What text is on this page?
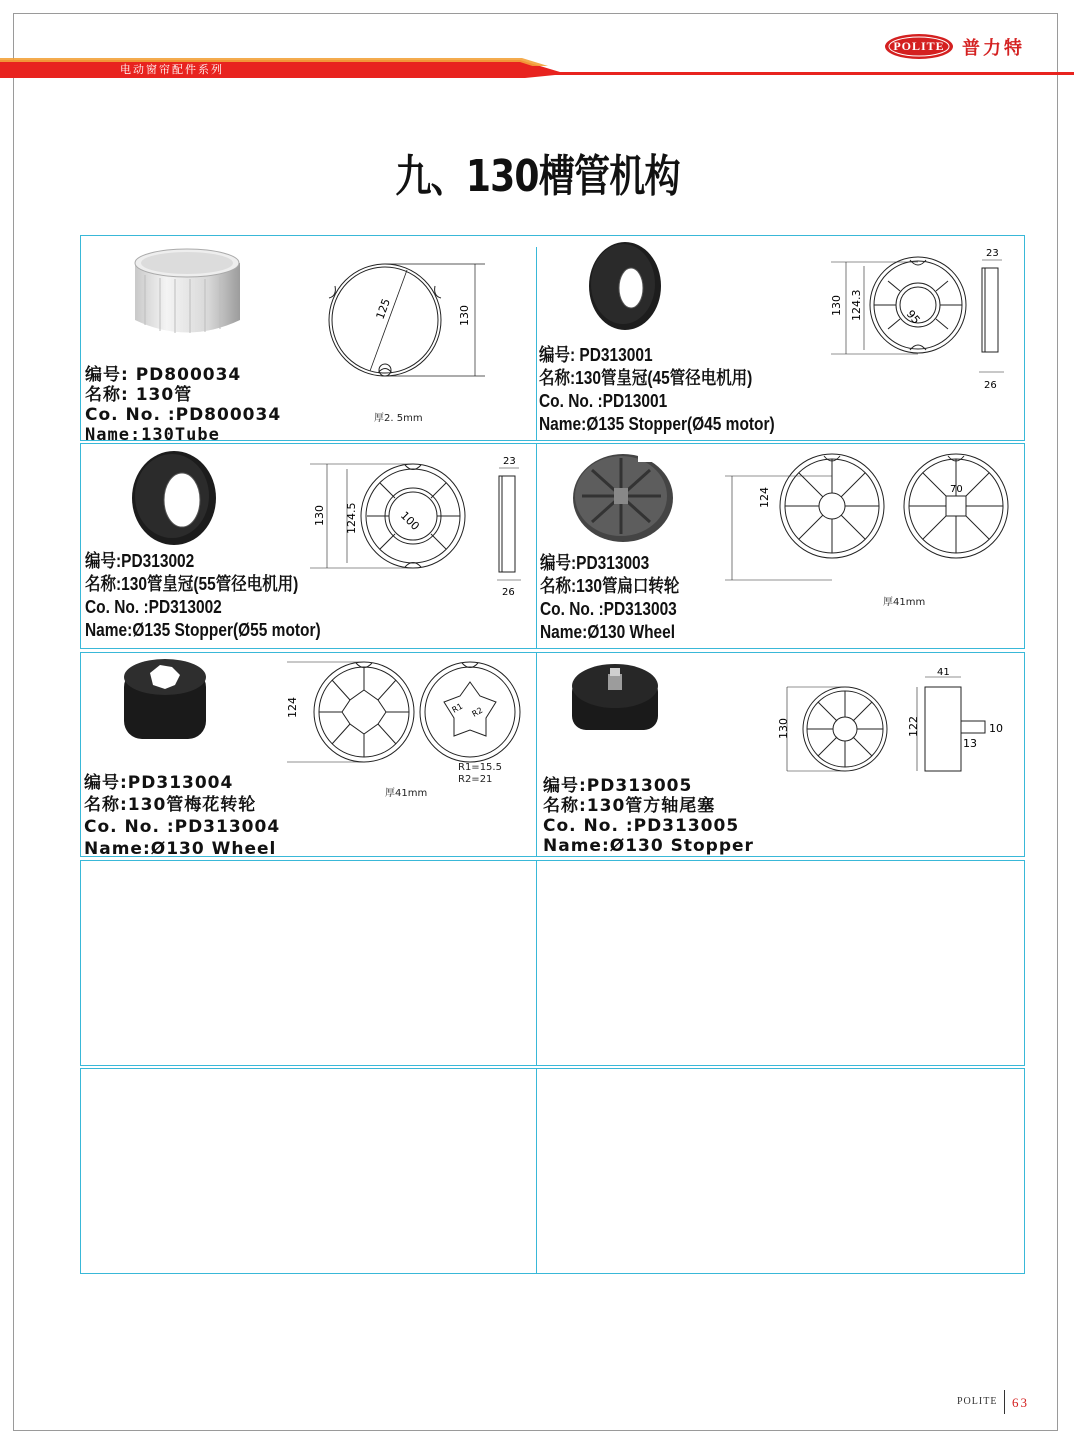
电动窗帘配件系列
POLITE 普力特
九、130槽管机构
125	130
厚2. 5mm
编号: PD800034
名称: 130管
Co. No. :PD800034
Name:130Tube
130 124.3	95
23
26
编号: PD313001
名称:130管皇冠(45管径电机用)
Co. No. :PD13001
Name:Ø135 Stopper(Ø45 motor)
130 124.5	100
23
26
编号:PD313002
名称:130管皇冠(55管径电机用)
Co. No. :PD313002
Name:Ø135 Stopper(Ø55 motor)
124	70
厚41mm
编号:PD313003
名称:130管扁口转轮
Co. No. :PD313003
Name:Ø130 Wheel
124	R1 R2
R1=15.5
R2=21
厚41mm
编号:PD313004
名称:130管梅花转轮
Co. No. :PD313004
Name:Ø130 Wheel
130	122
41
10
13
编号:PD313005
名称:130管方轴尾塞
Co. No. :PD313005
Name:Ø130 Stopper
POLITE 63
